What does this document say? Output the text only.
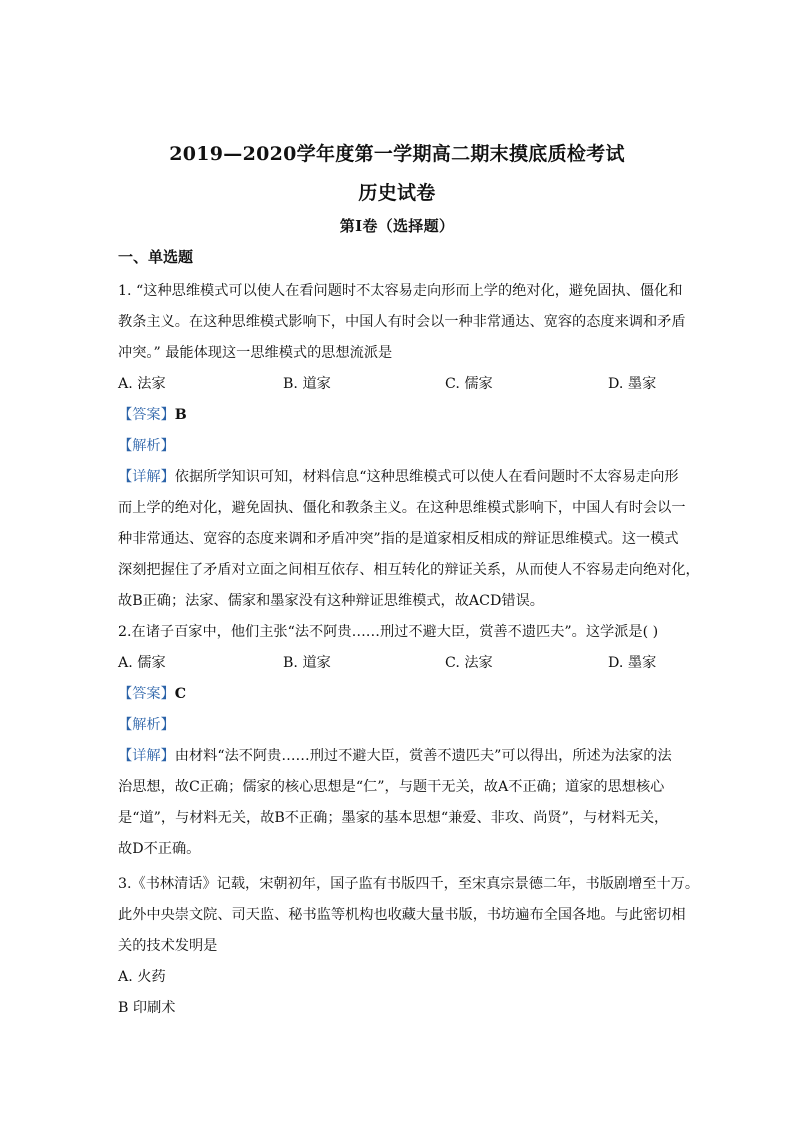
2019—2020学年度第一学期高二期末摸底质检考试
历史试卷
第Ⅰ卷（选择题）
一、单选题
1. “这种思维模式可以使人在看问题时不太容易走向形而上学的绝对化，避免固执、僵化和
教条主义。在这种思维模式影响下，中国人有时会以一种非常通达、宽容的态度来调和矛盾
冲突。” 最能体现这一思维模式的思想流派是
A. 法家	B. 道家	C. 儒家	D. 墨家
【答案】B
【解析】
【详解】依据所学知识可知，材料信息“这种思维模式可以使人在看问题时不太容易走向形
而上学的绝对化，避免固执、僵化和教条主义。在这种思维模式影响下，中国人有时会以一
种非常通达、宽容的态度来调和矛盾冲突”指的是道家相反相成的辩证思维模式。这一模式
深刻把握住了矛盾对立面之间相互依存、相互转化的辩证关系，从而使人不容易走向绝对化，
故B正确；法家、儒家和墨家没有这种辩证思维模式，故ACD错误。
2.在诸子百家中，他们主张“法不阿贵……刑过不避大臣，赏善不遗匹夫”。这学派是( )
A. 儒家	B. 道家	C. 法家	D. 墨家
【答案】C
【解析】
【详解】由材料“法不阿贵……刑过不避大臣，赏善不遗匹夫”可以得出，所述为法家的法
治思想，故C正确；儒家的核心思想是“仁”，与题干无关，故A不正确；道家的思想核心
是“道”，与材料无关，故B不正确；墨家的基本思想“兼爱、非攻、尚贤”，与材料无关，
故D不正确。
3.《书林清话》记载，宋朝初年，国子监有书版四千，至宋真宗景德二年，书版剧增至十万。
此外中央崇文院、司天监、秘书监等机构也收藏大量书版，书坊遍布全国各地。与此密切相
关的技术发明是
A. 火药
B 印刷术
